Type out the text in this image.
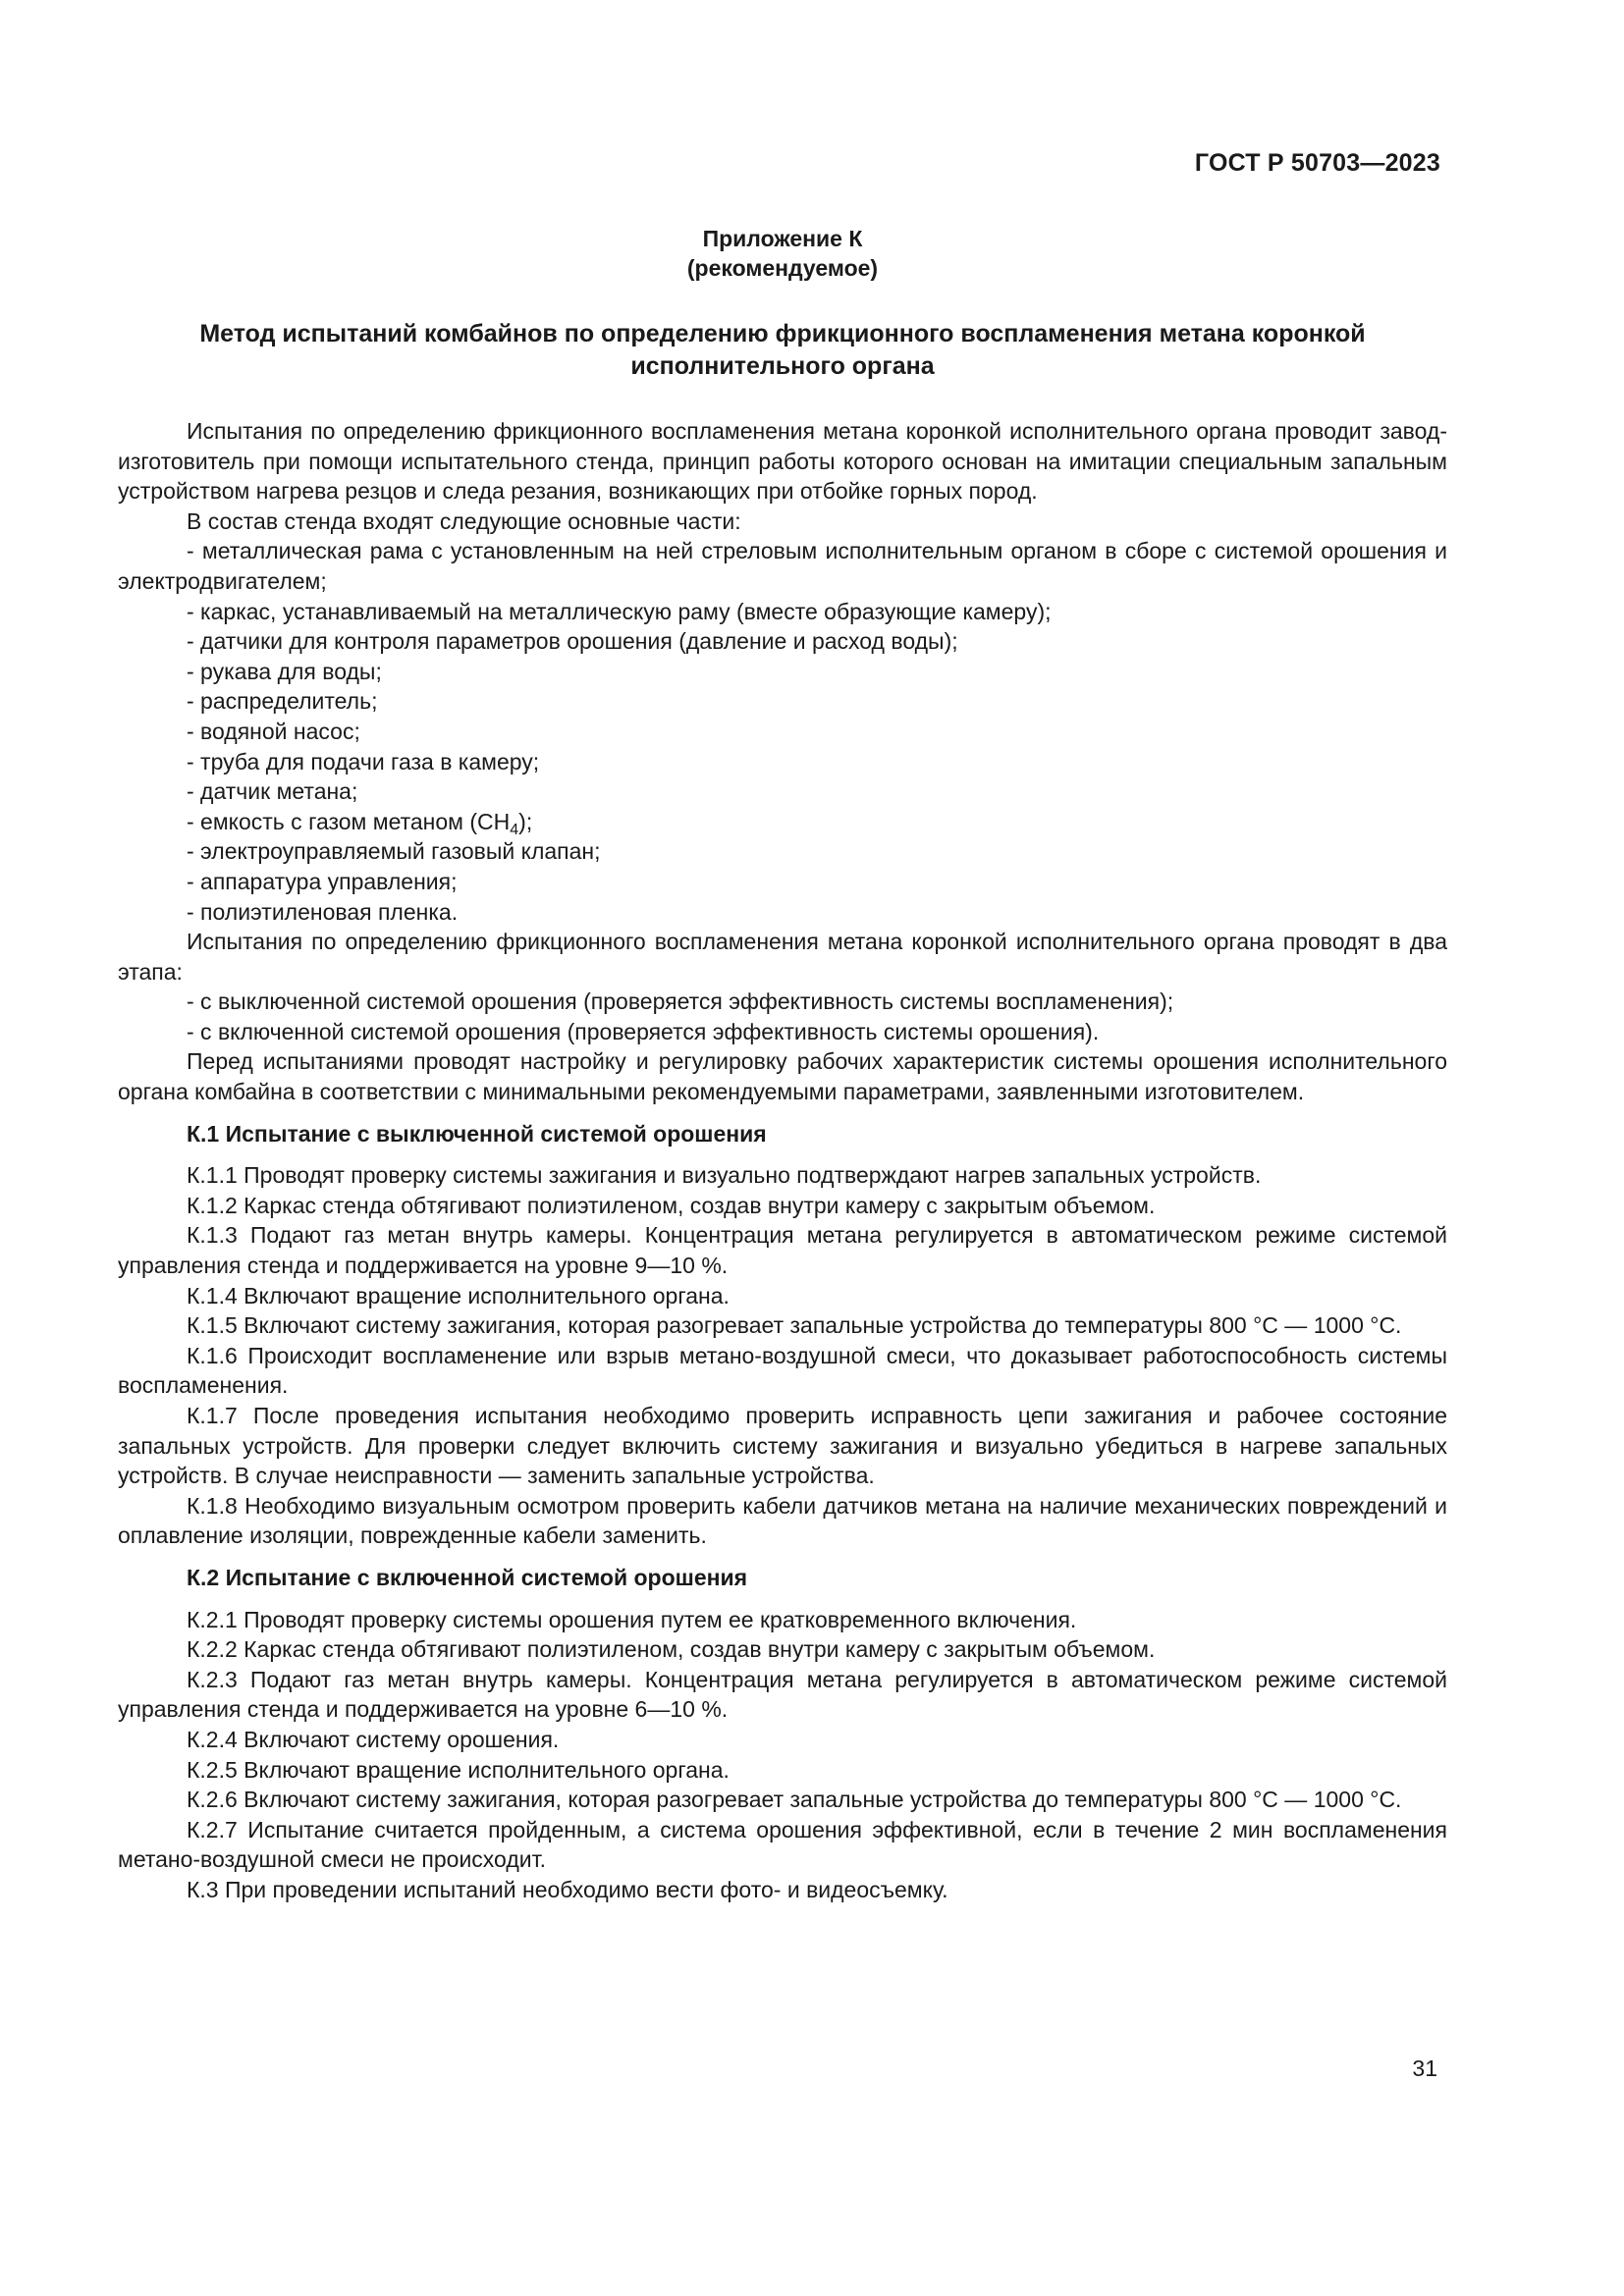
ГОСТ Р 50703—2023
Приложение К
(рекомендуемое)
Метод испытаний комбайнов по определению фрикционного воспламенения метана коронкой
исполнительного органа

Испытания по определению фрикционного воспламенения метана коронкой исполнительного органа проводит завод-изготовитель при помощи испытательного стенда, принцип работы которого основан на имитации специальным запальным устройством нагрева резцов и следа резания, возникающих при отбойке горных пород.

В состав стенда входят следующие основные части:

- металлическая рама с установленным на ней стреловым исполнительным органом в сборе с системой орошения и электродвигателем;

- каркас, устанавливаемый на металлическую раму (вместе образующие камеру);

- датчики для контроля параметров орошения (давление и расход воды);

- рукава для воды;

- распределитель;

- водяной насос;

- труба для подачи газа в камеру;

- датчик метана;

- емкость с газом метаном $(CH_4)$;

- электроуправляемый газовый клапан;

- аппаратура управления;

- полиэтиленовая пленка.

Испытания по определению фрикционного воспламенения метана коронкой исполнительного органа проводят в два этапа:

- с выключенной системой орошения (проверяется эффективность системы воспламенения);

- с включенной системой орошения (проверяется эффективность системы орошения).

Перед испытаниями проводят настройку и регулировку рабочих характеристик системы орошения исполнительного органа комбайна в соответствии с минимальными рекомендуемыми параметрами, заявленными изготовителем.

К.1 Испытание с выключенной системой орошения

К.1.1 Проводят проверку системы зажигания и визуально подтверждают нагрев запальных устройств.

К.1.2 Каркас стенда обтягивают полиэтиленом, создав внутри камеру с закрытым объемом.

К.1.3 Подают газ метан внутрь камеры. Концентрация метана регулируется в автоматическом режиме системой управления стенда и поддерживается на уровне 9—10 %.

К.1.4 Включают вращение исполнительного органа.

К.1.5 Включают систему зажигания, которая разогревает запальные устройства до температуры 800 °С — 1000 °С.

К.1.6 Происходит воспламенение или взрыв метано-воздушной смеси, что доказывает работоспособность системы воспламенения.

К.1.7 После проведения испытания необходимо проверить исправность цепи зажигания и рабочее состояние запальных устройств. Для проверки следует включить систему зажигания и визуально убедиться в нагреве запальных устройств. В случае неисправности — заменить запальные устройства.

К.1.8 Необходимо визуальным осмотром проверить кабели датчиков метана на наличие механических повреждений и оплавление изоляции, поврежденные кабели заменить.

К.2 Испытание с включенной системой орошения

К.2.1 Проводят проверку системы орошения путем ее кратковременного включения.

К.2.2 Каркас стенда обтягивают полиэтиленом, создав внутри камеру с закрытым объемом.

К.2.3 Подают газ метан внутрь камеры. Концентрация метана регулируется в автоматическом режиме системой управления стенда и поддерживается на уровне 6—10 %.

К.2.4 Включают систему орошения.

К.2.5 Включают вращение исполнительного органа.

К.2.6 Включают систему зажигания, которая разогревает запальные устройства до температуры 800 °С — 1000 °С.

К.2.7 Испытание считается пройденным, а система орошения эффективной, если в течение 2 мин воспламенения метано-воздушной смеси не происходит.

К.3 При проведении испытаний необходимо вести фото- и видеосъемку.

31
